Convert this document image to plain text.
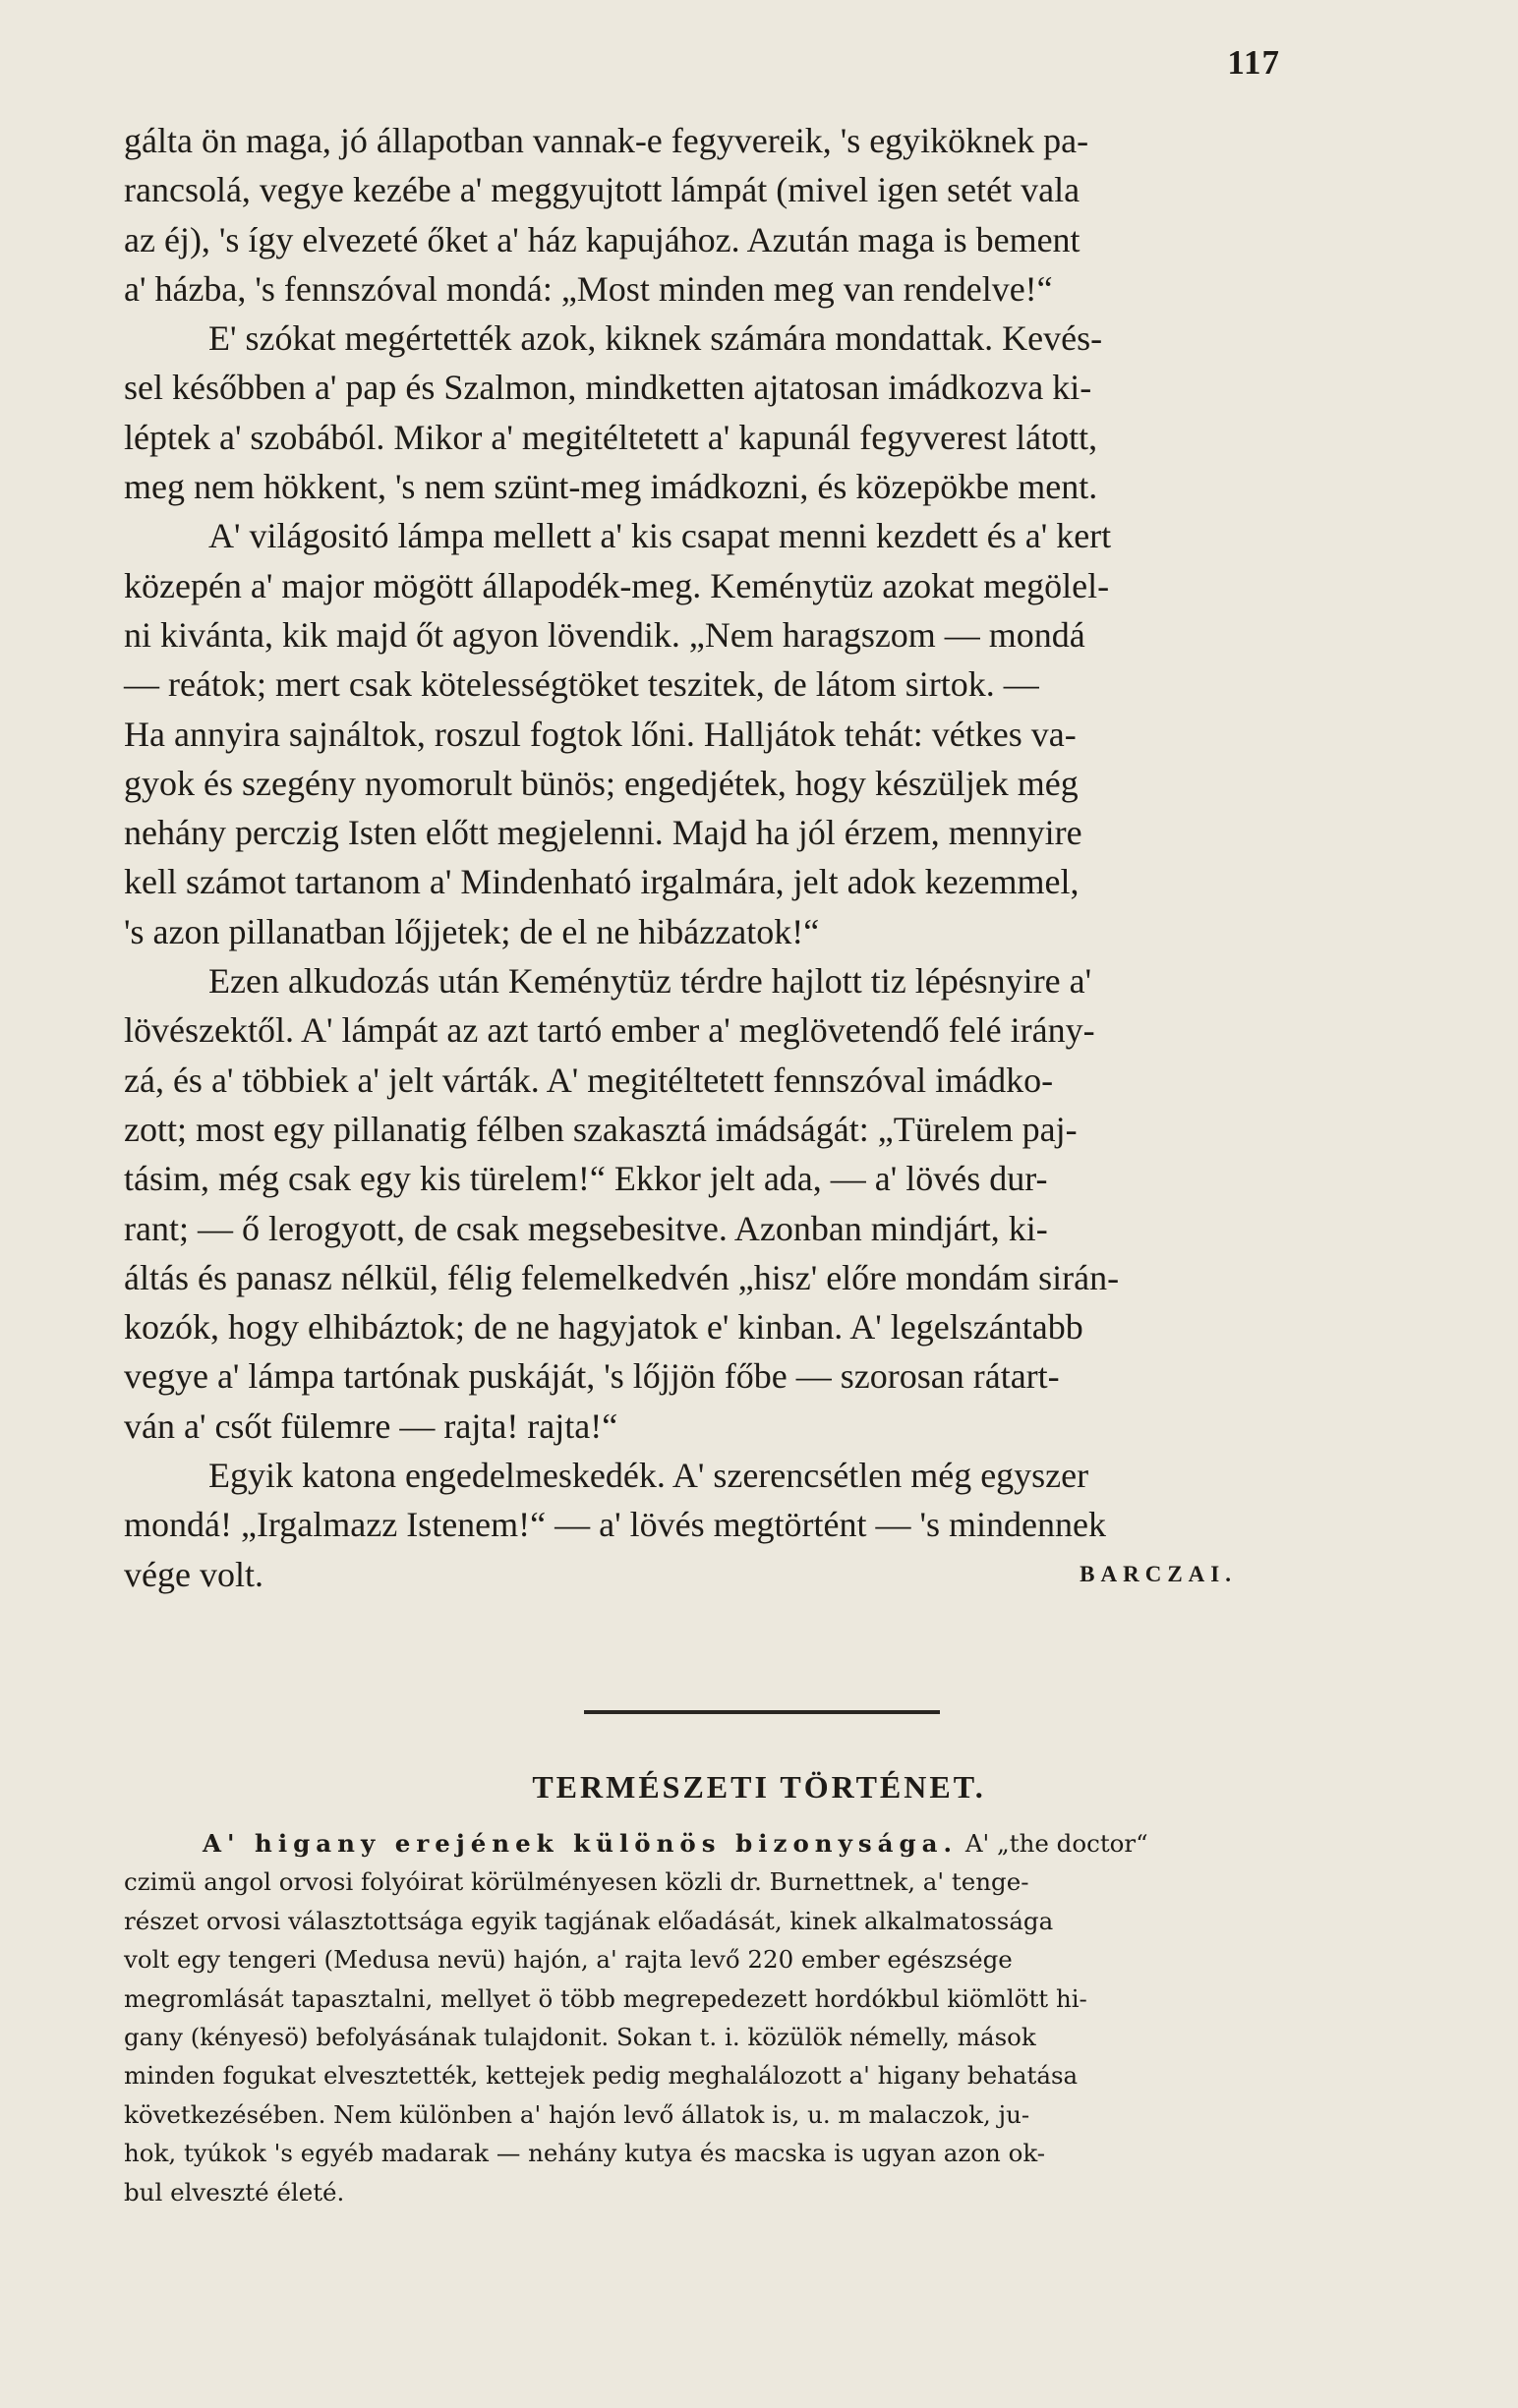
117

gálta ön maga, jó állapotban vannak-e fegyvereik, 's egyiköknek pa-
rancsolá, vegye kezébe a' meggyujtott lámpát (mivel igen setét vala
az éj), 's így elvezeté őket a' ház kapujához. Azután maga is bement
a' házba, 's fennszóval mondá: „Most minden meg van rendelve!“

E' szókat megértették azok, kiknek számára mondattak. Kevés-
sel későbben a' pap és Szalmon, mindketten ajtatosan imádkozva ki-
léptek a' szobából. Mikor a' megitéltetett a' kapunál fegyverest látott,
meg nem hökkent, 's nem szünt-meg imádkozni, és közepökbe ment.

A' világositó lámpa mellett a' kis csapat menni kezdett és a' kert
közepén a' major mögött állapodék-meg. Keménytüz azokat megölel-
ni kivánta, kik majd őt agyon lövendik. „Nem haragszom — mondá
— reátok; mert csak kötelességtöket teszitek, de látom sirtok. —
Ha annyira sajnáltok, roszul fogtok lőni. Halljátok tehát: vétkes va-
gyok és szegény nyomorult bünös; engedjétek, hogy készüljek még
nehány perczig Isten előtt megjelenni. Majd ha jól érzem, mennyire
kell számot tartanom a' Mindenható irgalmára, jelt adok kezemmel,
's azon pillanatban lőjjetek; de el ne hibázzatok!“

Ezen alkudozás után Keménytüz térdre hajlott tiz lépésnyire a'
lövészektől. A' lámpát az azt tartó ember a' meglövetendő felé irány-
zá, és a' többiek a' jelt várták. A' megitéltetett fennszóval imádko-
zott; most egy pillanatig félben szakasztá imádságát: „Türelem paj-
tásim, még csak egy kis türelem!“ Ekkor jelt ada, — a' lövés dur-
rant; — ő lerogyott, de csak megsebesitve. Azonban mindjárt, ki-
áltás és panasz nélkül, félig felemelkedvén „hisz' előre mondám sirán-
kozók, hogy elhibáztok; de ne hagyjatok e' kinban. A' legelszántabb
vegye a' lámpa tartónak puskáját, 's lőjjön főbe — szorosan rátart-
ván a' csőt fülemre — rajta! rajta!“

Egyik katona engedelmeskedék. A' szerencsétlen még egyszer
mondá! „Irgalmazz Istenem!“ — a' lövés megtörtént — 's mindennek

vége volt.	BARCZAI.
TERMÉSZETI TÖRTÉNET.

A' higany erejének különös bizonysága. A' „the doctor“
czimü angol orvosi folyóirat körülményesen közli dr. Burnettnek, a' tenge-
részet orvosi választottsága egyik tagjának előadását, kinek alkalmatossága
volt egy tengeri (Medusa nevü) hajón, a' rajta levő 220 ember egészsége
megromlását tapasztalni, mellyet ö több megrepedezett hordókbul kiömlött hi-
gany (kényesö) befolyásának tulajdonit. Sokan t. i. közülök némelly, mások
minden fogukat elvesztették, kettejek pedig meghalálozott a' higany behatása
következésében. Nem különben a' hajón levő állatok is, u. m malaczok, ju-
hok, tyúkok 's egyéb madarak — nehány kutya és macska is ugyan azon ok-
bul elveszté életé.
